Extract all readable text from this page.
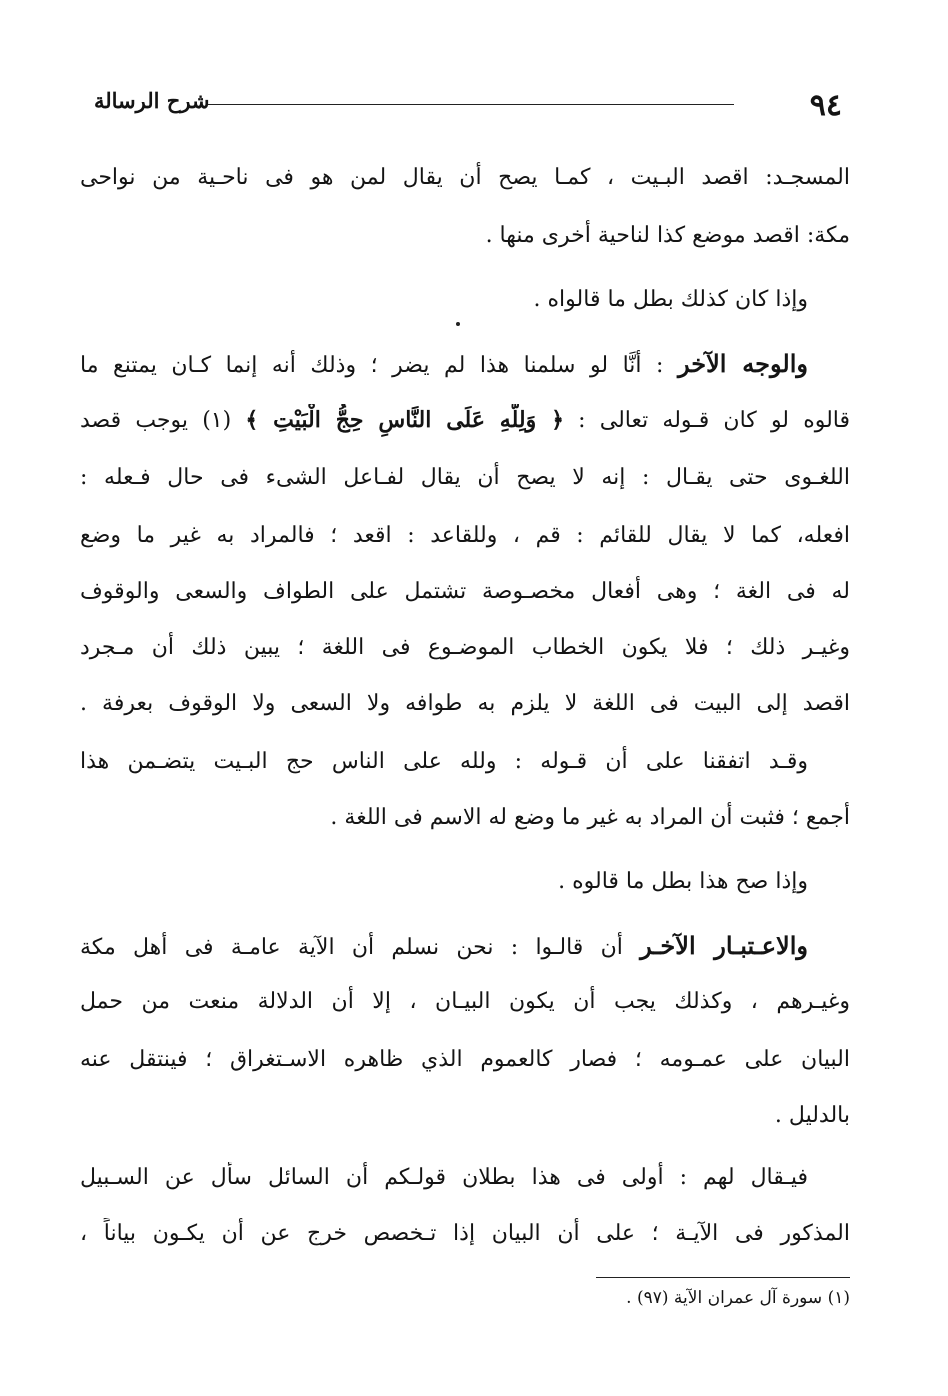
٩٤
شرح الرسالة
المسجـد: اقصد البـيت ، كمـا يصح أن يقال لمن هو فى ناحـية من نواحى
مكة: اقصد موضع كذا لناحية أخرى منها .
وإذا كان كذلك بطل ما قالواه .
والوجه الآخر : أنَّا لو سلمنا هذا لم يضر ؛ وذلك أنه إنما كـان يمتنع ما
قالوه لو كان قـوله تعالى : ﴿ وَلِلَّهِ عَلَى النَّاسِ حِجُّ الْبَيْتِ ﴾ (١) يوجب قصد
اللغـوى حتى يقـال : إنه لا يصح أن يقال لفـاعل الشىء فى حال فـعله :
افعله، كما لا يقال للقائم : قم ، وللقاعد : اقعد ؛ فالمراد به غير ما وضع
له فى الغة ؛ وهى أفعال مخصـوصة تشتمل على الطواف والسعى والوقوف
وغيـر ذلك ؛ فلا يكون الخطاب الموضـوع فى اللغة ؛ يبين ذلك أن مـجرد
اقصد إلى البيت فى اللغة لا يلزم به طوافه ولا السعى ولا الوقوف بعرفة .
وقـد اتفقنا على أن قـوله : ولله على الناس حج البـيت يتضـمن هذا
أجمع ؛ فثبت أن المراد به غير ما وضع له الاسم فى اللغة .
وإذا صح هذا بطل ما قالوه .
والاعـتبـار الآخـر أن قالـوا : نحن نسلم أن الآية عامـة فى أهل مكة
وغيـرهم ، وكذلك يجب أن يكون البيـان ، إلا أن الدلالة منعت من حمل
البيان على عمـومه ؛ فصار كالعموم الذي ظاهره الاسـتغراق ؛ فينتقل عنه
بالدليل .
فيـقال لهم : أولى فى هذا بطلان قولـكم أن السائل سأل عن السـبيل
المذكور فى الآيـة ؛ على أن البيان إذا تـخصص خرج عن أن يكـون بياناً ،
(١) سورة آل عمران الآية (٩٧) .
